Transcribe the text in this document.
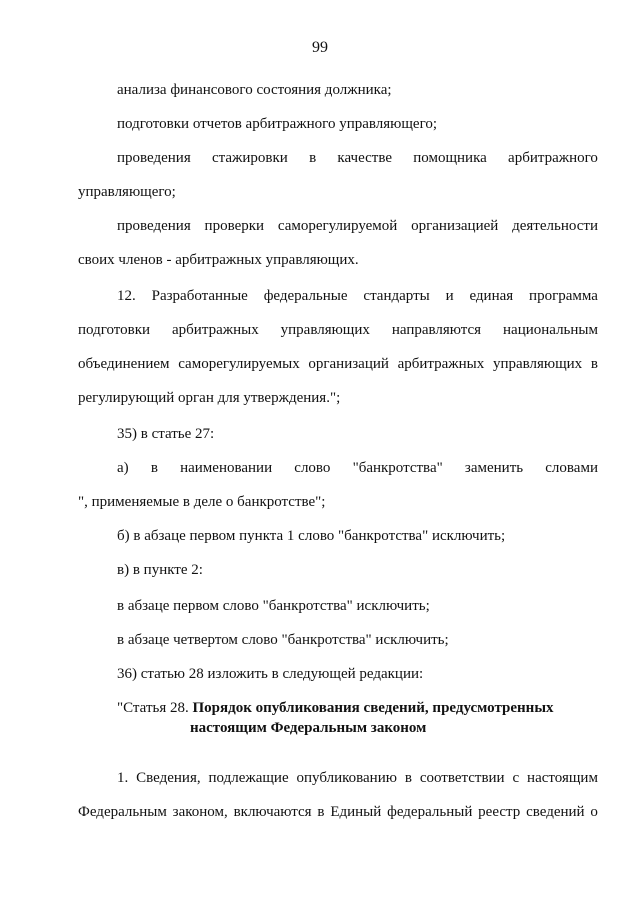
99
анализа финансового состояния должника;
подготовки отчетов арбитражного управляющего;
проведения стажировки в качестве помощника арбитражного
управляющего;
проведения проверки саморегулируемой организацией деятельности
своих членов - арбитражных управляющих.
12. Разработанные федеральные стандарты и единая программа
подготовки арбитражных управляющих направляются национальным
объединением саморегулируемых организаций арбитражных управляющих в
регулирующий орган для утверждения.";
35) в статье 27:
а) в наименовании слово "банкротства" заменить словами
", применяемые в деле о банкротстве";
б) в абзаце первом пункта 1 слово "банкротства" исключить;
в) в пункте 2:
в абзаце первом слово "банкротства" исключить;
в абзаце четвертом слово "банкротства" исключить;
36) статью 28 изложить в следующей редакции:
"Статья 28. Порядок опубликования сведений, предусмотренных
настоящим Федеральным законом
1. Сведения, подлежащие опубликованию в соответствии с настоящим
Федеральным законом, включаются в Единый федеральный реестр сведений о
